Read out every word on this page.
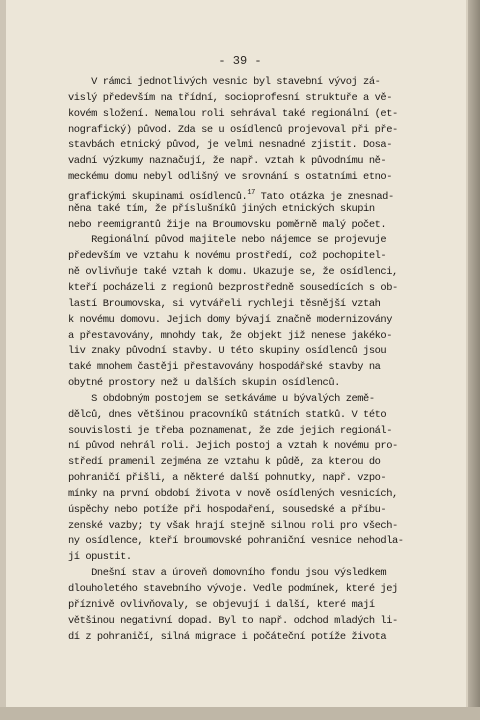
- 39 -
V rámci jednotlivých vesnic byl stavební vývoj zá-
vislý především na třídní, socioprofesní struktuře a vě-
kovém složení. Nemalou roli sehrával také regionální (et-
nografický) původ. Zda se u osídlenců projevoval při pře-
stavbách etnický původ, je velmi nesnadné zjistit. Dosa-
vadní výzkumy naznačují, že např. vztah k původnímu ně-
meckému domu nebyl odlišný ve srovnání s ostatními etno-
grafickými skupinami osídlenců.$^{17}$ Tato otázka je znesnad-
něna také tím, že příslušníků jiných etnických skupin
nebo reemigrantů žije na Broumovsku poměrně malý počet.
Regionální původ majitele nebo nájemce se projevuje
především ve vztahu k novému prostředí, což pochopitel-
ně ovlivňuje také vztah k domu. Ukazuje se, že osídlenci,
kteří pocházeli z regionů bezprostředně sousedících s ob-
lastí Broumovska, si vytvářeli rychleji těsnější vztah
k novému domovu. Jejich domy bývají značně modernizovány
a přestavovány, mnohdy tak, že objekt již nenese jakéko-
liv znaky původní stavby. U této skupiny osídlenců jsou
také mnohem častěji přestavovány hospodářské stavby na
obytné prostory než u dalších skupin osídlenců.
S obdobným postojem se setkáváme u bývalých země-
dělců, dnes většinou pracovníků státních statků. V této
souvislosti je třeba poznamenat, že zde jejich regionál-
ní původ nehrál roli. Jejich postoj a vztah k novému pro-
středí pramenil zejména ze vztahu k půdě, za kterou do
pohraničí přišli, a některé další pohnutky, např. vzpo-
mínky na první období života v nově osídlených vesnicích,
úspěchy nebo potíže při hospodaření, sousedské a příbu-
zenské vazby; ty však hrají stejně silnou roli pro všech-
ny osídlence, kteří broumovské pohraniční vesnice nehodla-
jí opustit.
Dnešní stav a úroveň domovního fondu jsou výsledkem
dlouholetého stavebního vývoje. Vedle podmínek, které jej
příznivě ovlivňovaly, se objevují i další, které mají
většinou negativní dopad. Byl to např. odchod mladých li-
dí z pohraničí, silná migrace i počáteční potíže života
